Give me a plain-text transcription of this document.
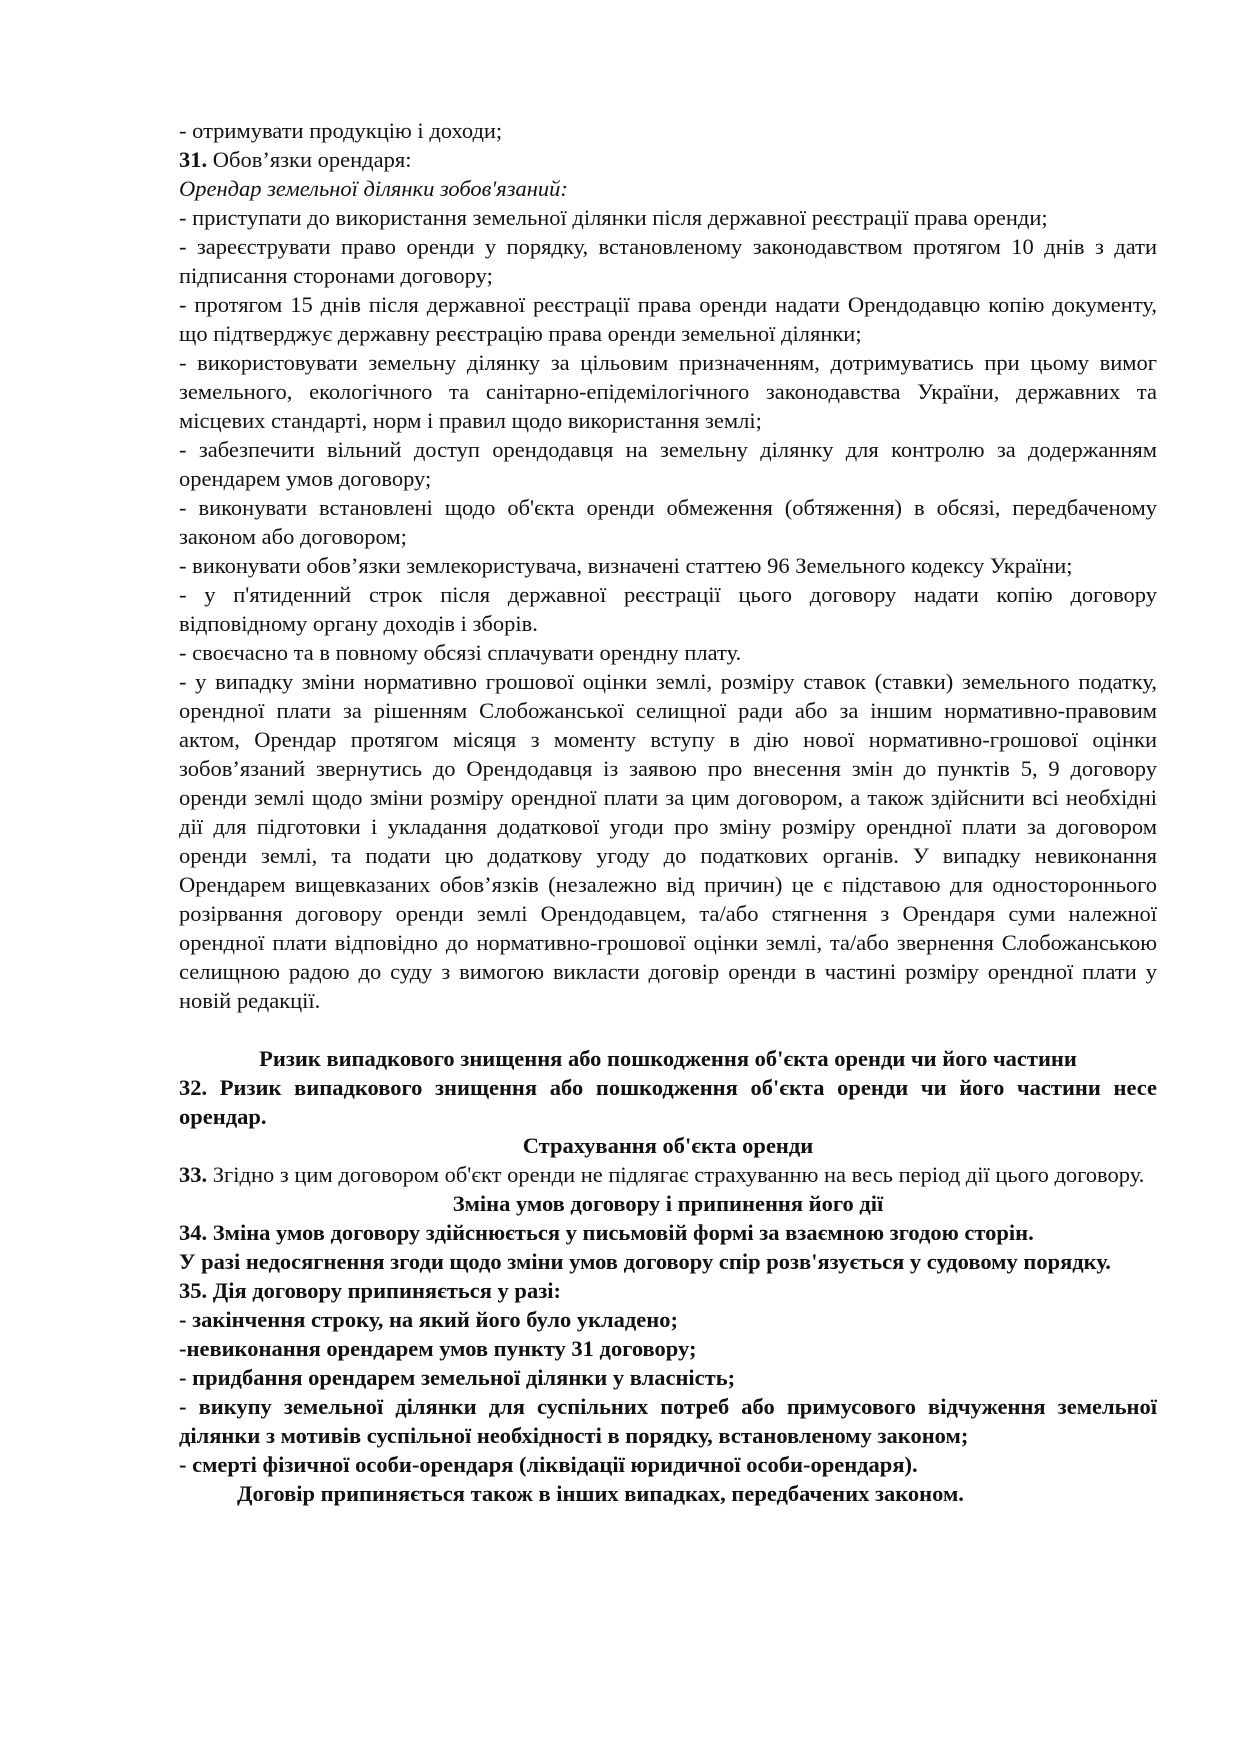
- отримувати продукцію і доходи;

31. Обов’язки орендаря:

Орендар земельної ділянки зобов'язаний:

- приступати до використання земельної ділянки після державної реєстрації права оренди;

- зареєструвати право оренди у порядку, встановленому законодавством протягом 10 днів з дати підписання сторонами договору;

- протягом 15 днів після державної реєстрації права оренди надати Орендодавцю копію документу, що підтверджує державну реєстрацію права оренди земельної ділянки;

- використовувати земельну ділянку за цільовим призначенням, дотримуватись при цьому вимог земельного, екологічного та санітарно-епідемілогічного законодавства України, державних та місцевих стандарті, норм і правил щодо використання землі;

- забезпечити вільний доступ орендодавця на земельну ділянку для контролю за додержанням орендарем умов договору;

- виконувати встановлені щодо об'єкта оренди обмеження (обтяження) в обсязі, передбаченому законом або договором;

- виконувати обов’язки землекористувача, визначені статтею 96 Земельного кодексу України;

- у п'ятиденний строк після державної реєстрації цього договору надати копію договору відповідному органу доходів і зборів.

- своєчасно та в повному обсязі сплачувати орендну плату.

- у випадку зміни нормативно грошової оцінки землі, розміру ставок (ставки) земельного податку, орендної плати за рішенням Слобожанської селищної ради або за іншим нормативно-правовим актом, Орендар протягом місяця з моменту вступу в дію нової нормативно-грошової оцінки зобов’язаний звернутись до Орендодавця із заявою про внесення змін до пунктів 5, 9 договору оренди землі щодо зміни розміру орендної плати за цим договором, а також здійснити всі необхідні дії для підготовки і укладання додаткової угоди про зміну розміру орендної плати за договором оренди землі, та подати цю додаткову угоду до податкових органів. У випадку невиконання Орендарем вищевказаних обов’язків (незалежно від причин) це є підставою для одностороннього розірвання договору оренди землі Орендодавцем, та/або стягнення з Орендаря суми належної орендної плати відповідно до нормативно-грошової оцінки землі, та/або звернення Слобожанською селищною радою до суду з вимогою викласти договір оренди в частині розміру орендної плати у новій редакції.

Ризик випадкового знищення або пошкодження об'єкта оренди чи його частини

32. Ризик випадкового знищення або пошкодження об'єкта оренди чи його частини несе орендар.

Страхування об'єкта оренди

33. Згідно з цим договором об'єкт оренди не підлягає страхуванню на весь період дії цього договору.

Зміна умов договору і припинення його дії

34. Зміна умов договору здійснюється у письмовій формі за взаємною згодою сторін.

У разі недосягнення згоди щодо зміни умов договору спір розв'язується у судовому порядку.

35. Дія договору припиняється у разі:

- закінчення строку, на який його було укладено;

-невиконання орендарем умов пункту 31 договору;

- придбання орендарем земельної ділянки у власність;

- викупу земельної ділянки для суспільних потреб або примусового відчуження земельної ділянки з мотивів суспільної необхідності в порядку, встановленому законом;

- смерті фізичної особи-орендаря (ліквідації юридичної особи-орендаря).

Договір припиняється також в інших випадках, передбачених законом.
